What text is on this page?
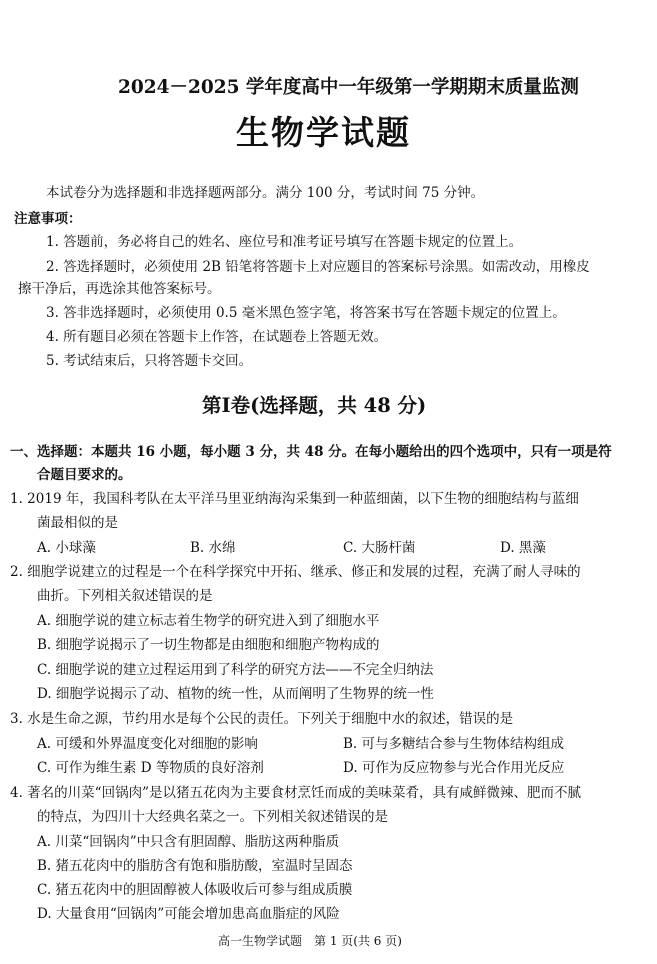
2024－2025 学年度高中一年级第一学期期末质量监测
生物学试题
本试卷分为选择题和非选择题两部分。满分 100 分，考试时间 75 分钟。
注意事项：
1. 答题前，务必将自己的姓名、座位号和准考证号填写在答题卡规定的位置上。
2. 答选择题时，必须使用 2B 铅笔将答题卡上对应题目的答案标号涂黑。如需改动，用橡皮
擦干净后，再选涂其他答案标号。
3. 答非选择题时，必须使用 0.5 毫米黑色签字笔，将答案书写在答题卡规定的位置上。
4. 所有题目必须在答题卡上作答，在试题卷上答题无效。
5. 考试结束后，只将答题卡交回。
第Ⅰ卷(选择题，共 48 分)
一、选择题：本题共 16 小题，每小题 3 分，共 48 分。在每小题给出的四个选项中，只有一项是符
合题目要求的。
1. 2019 年，我国科考队在太平洋马里亚纳海沟采集到一种蓝细菌，以下生物的细胞结构与蓝细
菌最相似的是
A. 小球藻	B. 水绵	C. 大肠杆菌	D. 黑藻
2. 细胞学说建立的过程是一个在科学探究中开拓、继承、修正和发展的过程，充满了耐人寻味的
曲折。下列相关叙述错误的是
A. 细胞学说的建立标志着生物学的研究进入到了细胞水平
B. 细胞学说揭示了一切生物都是由细胞和细胞产物构成的
C. 细胞学说的建立过程运用到了科学的研究方法——不完全归纳法
D. 细胞学说揭示了动、植物的统一性，从而阐明了生物界的统一性
3. 水是生命之源，节约用水是每个公民的责任。下列关于细胞中水的叙述，错误的是
A. 可缓和外界温度变化对细胞的影响	B. 可与多糖结合参与生物体结构组成
C. 可作为维生素 D 等物质的良好溶剂	D. 可作为反应物参与光合作用光反应
4. 著名的川菜“回锅肉”是以猪五花肉为主要食材烹饪而成的美味菜肴，具有咸鲜微辣、肥而不腻
的特点，为四川十大经典名菜之一。下列相关叙述错误的是
A. 川菜“回锅肉”中只含有胆固醇、脂肪这两种脂质
B. 猪五花肉中的脂肪含有饱和脂肪酸，室温时呈固态
C. 猪五花肉中的胆固醇被人体吸收后可参与组成质膜
D. 大量食用“回锅肉”可能会增加患高血脂症的风险
高一生物学试题　第 1 页(共 6 页)
